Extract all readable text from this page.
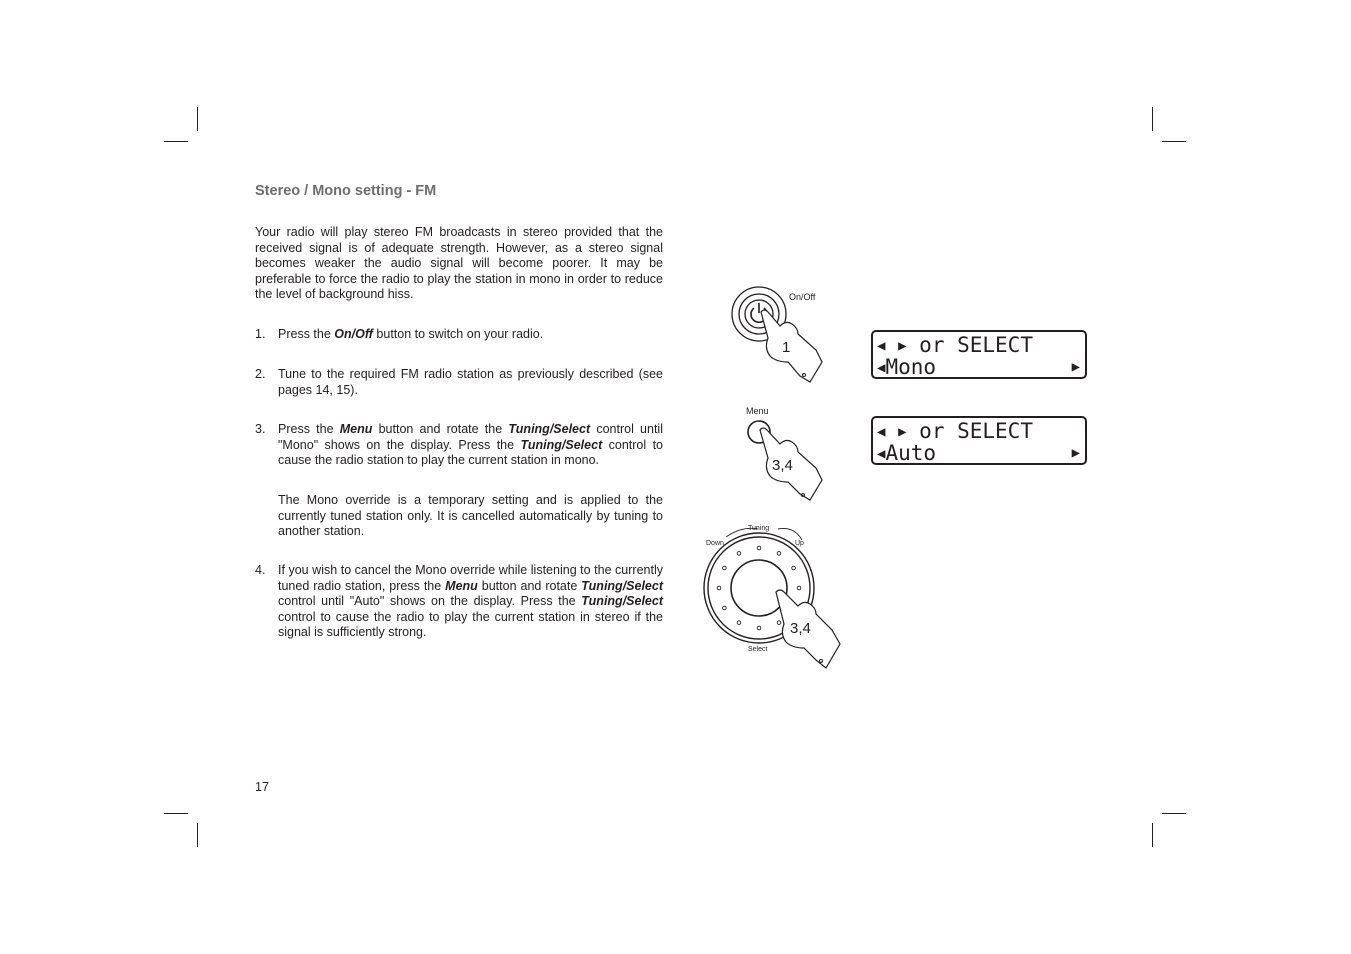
Stereo / Mono setting - FM

Your radio will play stereo FM broadcasts in stereo provided that the received signal is of adequate strength. However, as a stereo signal becomes weaker the audio signal will become poorer. It may be preferable to force the radio to play the station in mono in order to reduce the level of background hiss.

1. Press the On/Off button to switch on your radio.
2. Tune to the required FM radio station as previously described (see pages 14, 15).
3. Press the Menu button and rotate the Tuning/Select control until "Mono" shows on the display. Press the Tuning/Select control to cause the radio station to play the current station in mono.
The Mono override is a temporary setting and is applied to the currently tuned station only. It is cancelled automatically by tuning to another station.
4. If you wish to cancel the Mono override while listening to the currently tuned radio station, press the Menu button and rotate Tuning/Select control until "Auto" shows on the display. Press the Tuning/Select control to cause the radio to play the current station in stereo if the signal is sufficiently strong.
17
On/Off
1
Menu
3,4
Tuning
Down	Up
Select
3,4
◀ ▶ or SELECT
◀Mono	▶
◀ ▶ or SELECT
◀Auto	▶
